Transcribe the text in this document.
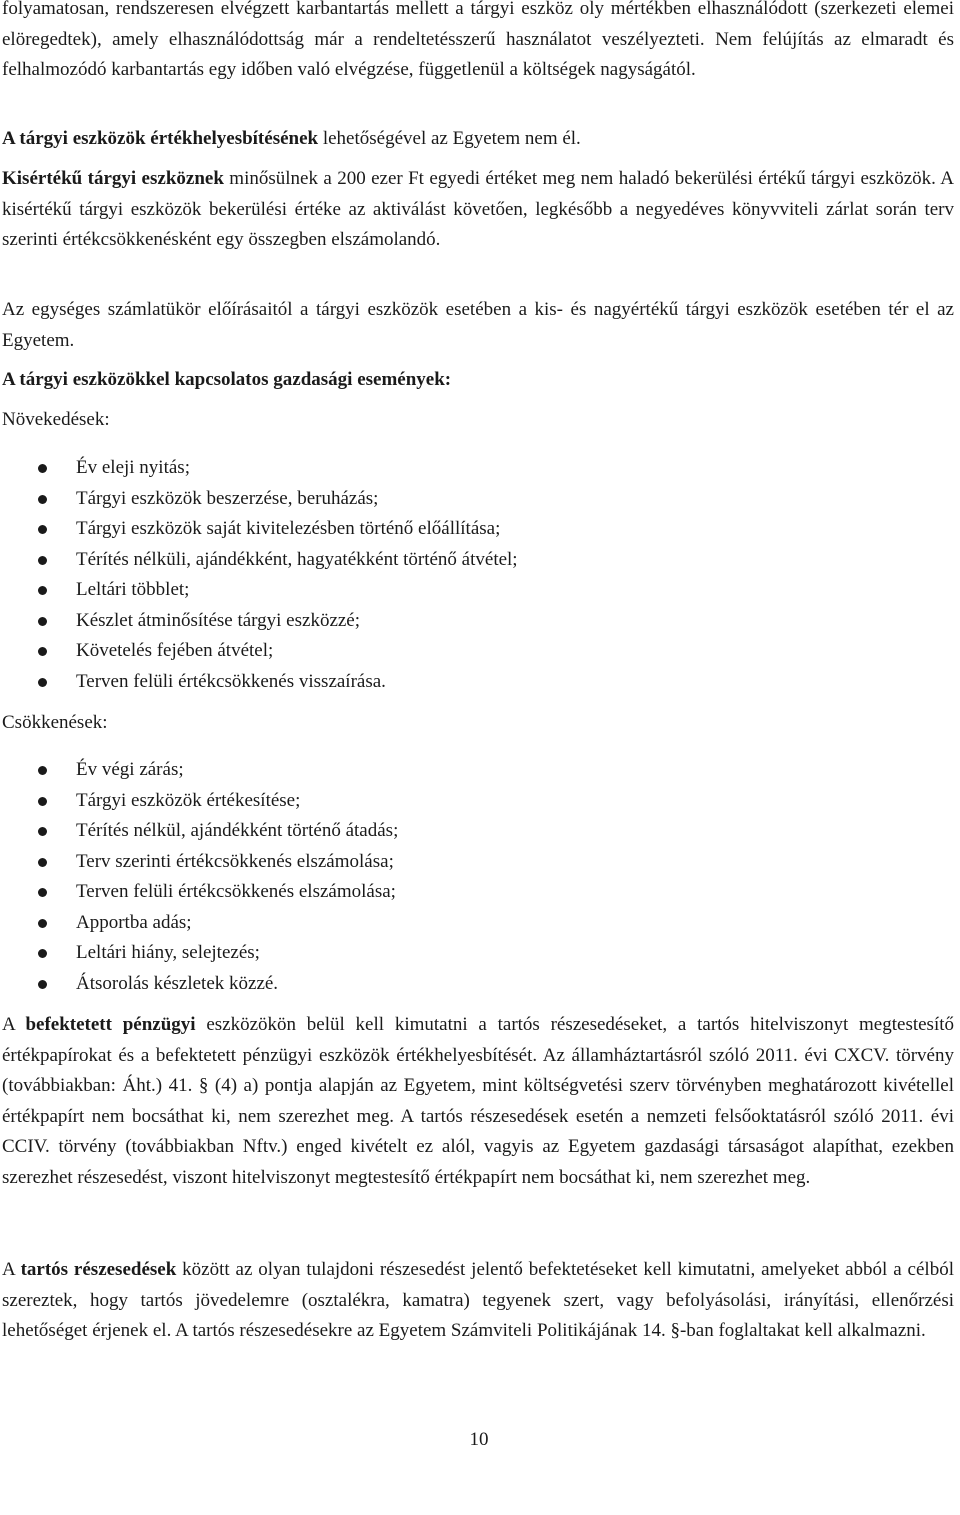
folyamatosan, rendszeresen elvégzett karbantartás mellett a tárgyi eszköz oly mértékben elhasználódott (szerkezeti elemei elöregedtek), amely elhasználódottság már a rendeltetésszerű használatot veszélyezteti. Nem felújítás az elmaradt és felhalmozódó karbantartás egy időben való elvégzése, függetlenül a költségek nagyságától.

A tárgyi eszközök értékhelyesbítésének lehetőségével az Egyetem nem él.

Kisértékű tárgyi eszköznek minősülnek a 200 ezer Ft egyedi értéket meg nem haladó bekerülési értékű tárgyi eszközök. A kisértékű tárgyi eszközök bekerülési értéke az aktiválást követően, legkésőbb a negyedéves könyvviteli zárlat során terv szerinti értékcsökkenésként egy összegben elszámolandó.

Az egységes számlatükör előírásaitól a tárgyi eszközök esetében a kis- és nagyértékű tárgyi eszközök esetében tér el az Egyetem.

A tárgyi eszközökkel kapcsolatos gazdasági események:

Növekedések:

Év eleji nyitás;
Tárgyi eszközök beszerzése, beruházás;
Tárgyi eszközök saját kivitelezésben történő előállítása;
Térítés nélküli, ajándékként, hagyatékként történő átvétel;
Leltári többlet;
Készlet átminősítése tárgyi eszközzé;
Követelés fejében átvétel;
Terven felüli értékcsökkenés visszaírása.

Csökkenések:

Év végi zárás;
Tárgyi eszközök értékesítése;
Térítés nélkül, ajándékként történő átadás;
Terv szerinti értékcsökkenés elszámolása;
Terven felüli értékcsökkenés elszámolása;
Apportba adás;
Leltári hiány, selejtezés;
Átsorolás készletek közzé.

A befektetett pénzügyi eszközökön belül kell kimutatni a tartós részesedéseket, a tartós hitelviszonyt megtestesítő értékpapírokat és a befektetett pénzügyi eszközök értékhelyesbítését. Az államháztartásról szóló 2011. évi CXCV. törvény (továbbiakban: Áht.) 41. § (4) a) pontja alapján az Egyetem, mint költségvetési szerv törvényben meghatározott kivétellel értékpapírt nem bocsáthat ki, nem szerezhet meg. A tartós részesedések esetén a nemzeti felsőoktatásról szóló 2011. évi CCIV. törvény (továbbiakban Nftv.) enged kivételt ez alól, vagyis az Egyetem gazdasági társaságot alapíthat, ezekben szerezhet részesedést, viszont hitelviszonyt megtestesítő értékpapírt nem bocsáthat ki, nem szerezhet meg.

A tartós részesedések között az olyan tulajdoni részesedést jelentő befektetéseket kell kimutatni, amelyeket abból a célból szereztek, hogy tartós jövedelemre (osztalékra, kamatra) tegyenek szert, vagy befolyásolási, irányítási, ellenőrzési lehetőséget érjenek el. A tartós részesedésekre az Egyetem Számviteli Politikájának 14. §-ban foglaltakat kell alkalmazni.

10
